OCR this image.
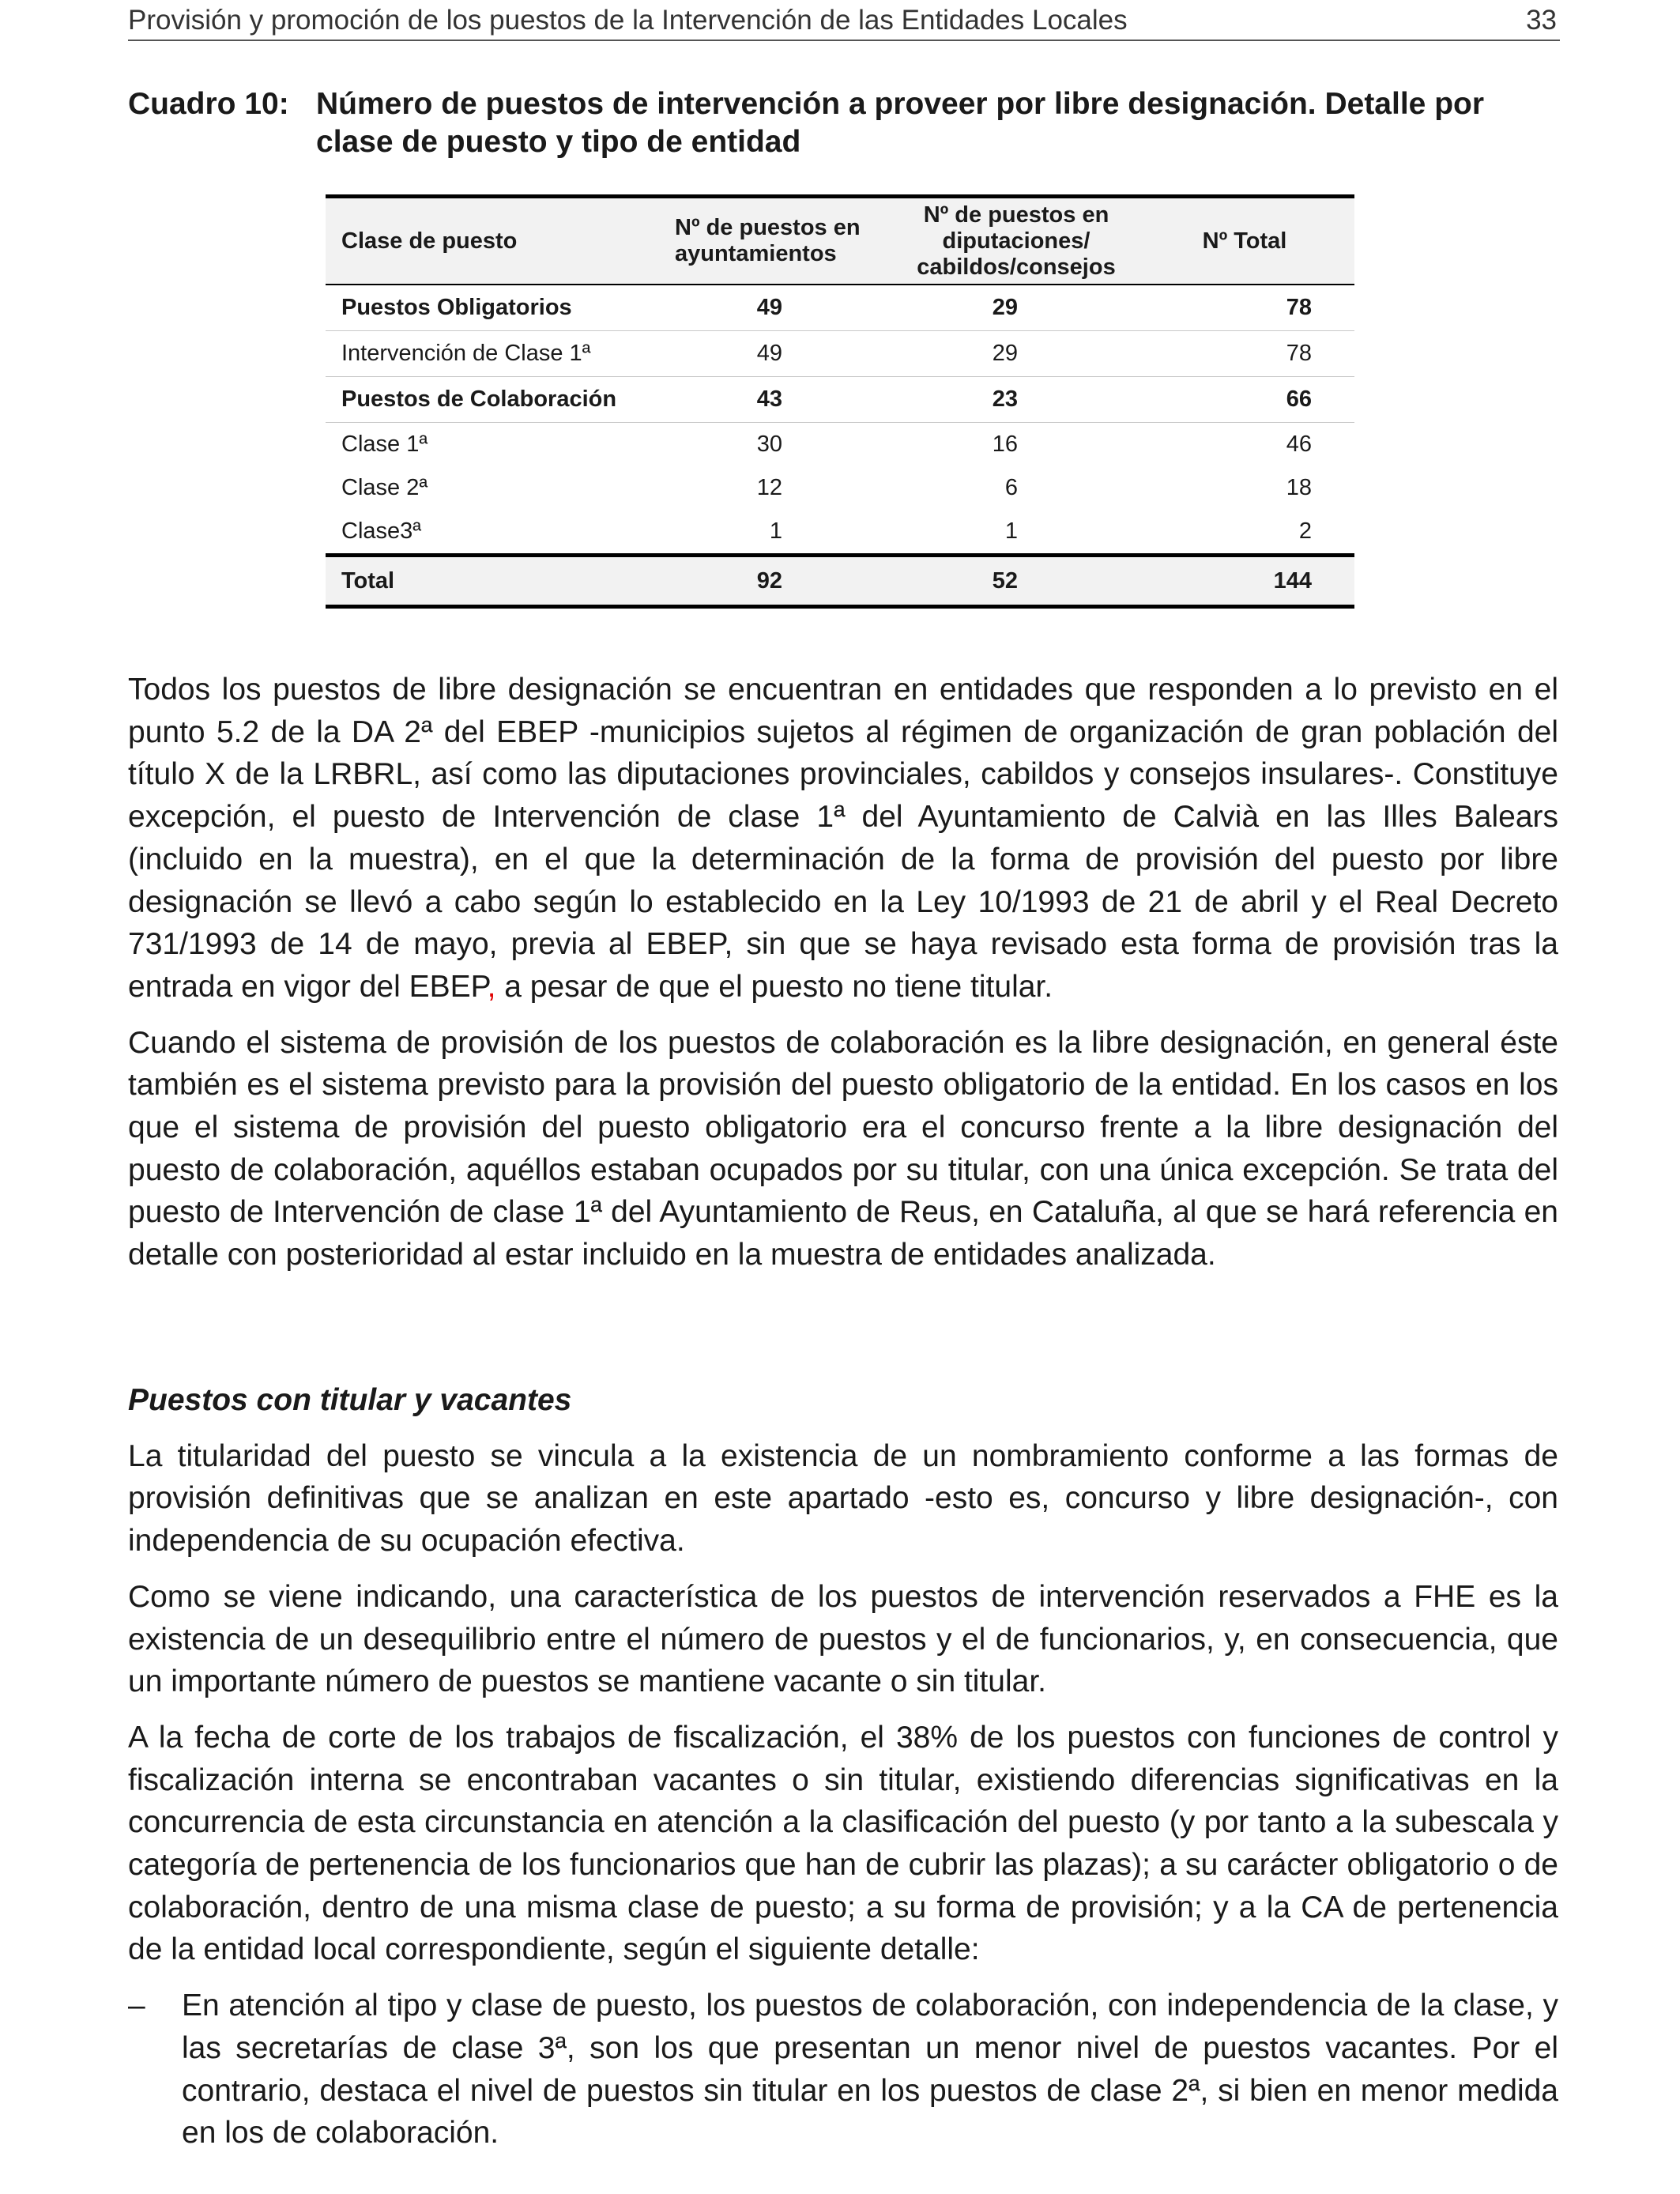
Provisión y promoción de los puestos de la Intervención de las Entidades Locales	33
Cuadro 10: Número de puestos de intervención a proveer por libre designación. Detalle por clase de puesto y tipo de entidad
Clase de puesto	Nº de puestos en ayuntamientos	Nº de puestos en diputaciones/ cabildos/consejos	Nº Total
Puestos Obligatorios	49	29	78
Intervención de Clase 1ª	49	29	78
Puestos de Colaboración	43	23	66
Clase 1ª	30	16	46
Clase 2ª	12	6	18
Clase3ª	1	1	2
Total	92	52	144

Todos los puestos de libre designación se encuentran en entidades que responden a lo previsto en el punto 5.2 de la DA 2ª del EBEP -municipios sujetos al régimen de organización de gran población del título X de la LRBRL, así como las diputaciones provinciales, cabildos y consejos insulares-. Constituye excepción, el puesto de Intervención de clase 1ª del Ayuntamiento de Calvià en las Illes Balears (incluido en la muestra), en el que la determinación de la forma de provisión del puesto por libre designación se llevó a cabo según lo establecido en la Ley 10/1993 de 21 de abril y el Real Decreto 731/1993 de 14 de mayo, previa al EBEP, sin que se haya revisado esta forma de provisión tras la entrada en vigor del EBEP, a pesar de que el puesto no tiene titular.

Cuando el sistema de provisión de los puestos de colaboración es la libre designación, en general éste también es el sistema previsto para la provisión del puesto obligatorio de la entidad. En los casos en los que el sistema de provisión del puesto obligatorio era el concurso frente a la libre designación del puesto de colaboración, aquéllos estaban ocupados por su titular, con una única excepción. Se trata del puesto de Intervención de clase 1ª del Ayuntamiento de Reus, en Cataluña, al que se hará referencia en detalle con posterioridad al estar incluido en la muestra de entidades analizada.

Puestos con titular y vacantes

La titularidad del puesto se vincula a la existencia de un nombramiento conforme a las formas de provisión definitivas que se analizan en este apartado -esto es, concurso y libre designación-, con independencia de su ocupación efectiva.

Como se viene indicando, una característica de los puestos de intervención reservados a FHE es la existencia de un desequilibrio entre el número de puestos y el de funcionarios, y, en consecuencia, que un importante número de puestos se mantiene vacante o sin titular.

A la fecha de corte de los trabajos de fiscalización, el 38% de los puestos con funciones de control y fiscalización interna se encontraban vacantes o sin titular, existiendo diferencias significativas en la concurrencia de esta circunstancia en atención a la clasificación del puesto (y por tanto a la subescala y categoría de pertenencia de los funcionarios que han de cubrir las plazas); a su carácter obligatorio o de colaboración, dentro de una misma clase de puesto; a su forma de provisión; y a la CA de pertenencia de la entidad local correspondiente, según el siguiente detalle:

– En atención al tipo y clase de puesto, los puestos de colaboración, con independencia de la clase, y las secretarías de clase 3ª, son los que presentan un menor nivel de puestos vacantes. Por el contrario, destaca el nivel de puestos sin titular en los puestos de clase 2ª, si bien en menor medida en los de colaboración.
